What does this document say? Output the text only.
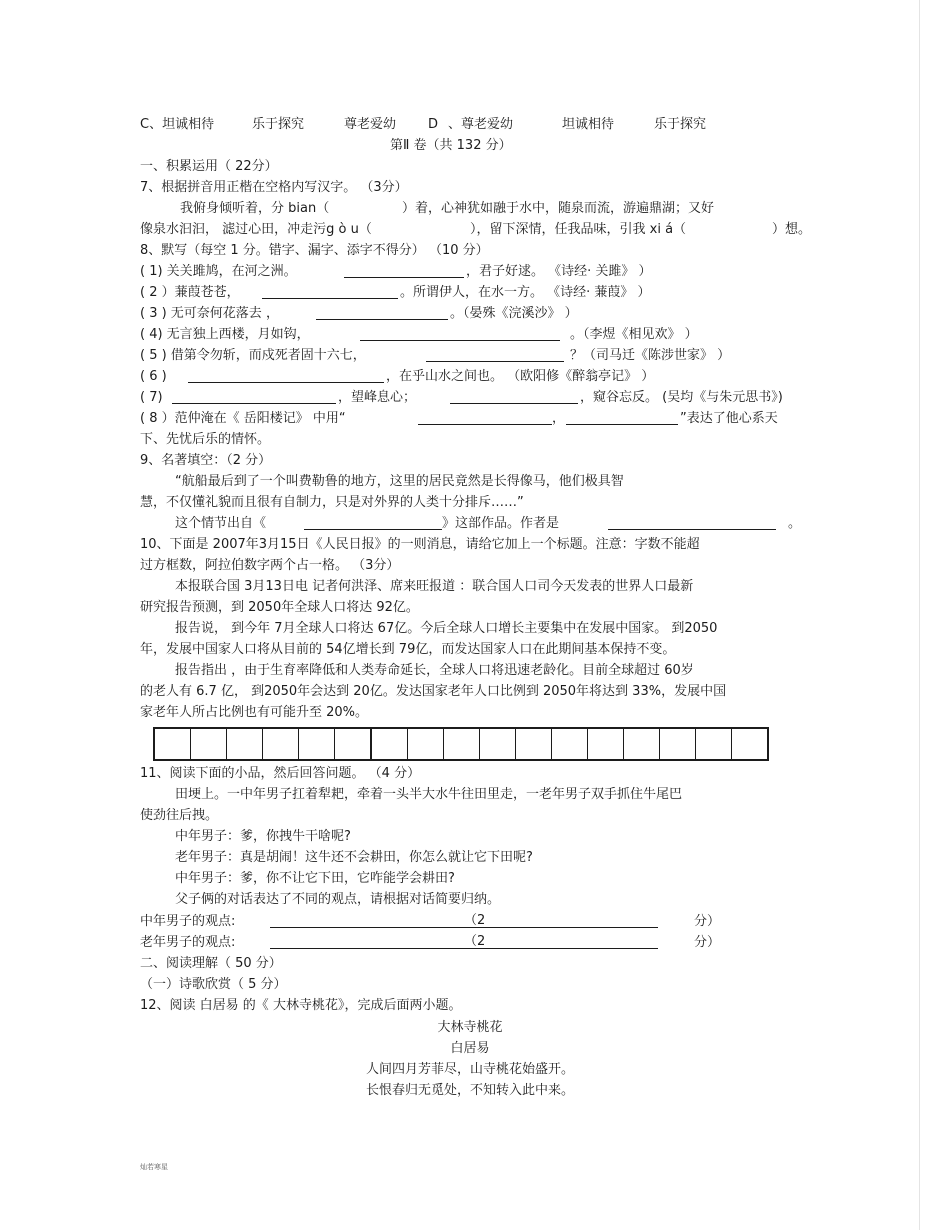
C、坦诚相待	乐于探究	尊老爱幼 D 、尊老爱幼	坦诚相待	乐于探究
第Ⅱ 卷（共 132 分）
一、积累运用（ 22分）
7、根据拼音用正楷在空格内写汉字。 （3分）
我俯身倾听着，分 bian（	）着，心神犹如融于水中，随泉而流，游遍鼎湖；又好
像泉水汩汩， 滤过心田，冲走污g ò u（	），留下深情，任我品味，引我 xi á（	）想。
8、默写（每空 1 分。错字、漏字、添字不得分） （10 分）
( 1) 关关雎鸠，在河之洲。	，君子好逑。 《诗经· 关雎》 ）
( 2 ）蒹葭苍苍，	。所谓伊人，在水一方。 《诗经· 蒹葭》 ）
( 3 ) 无可奈何花落去 ，	。（晏殊《浣溪沙》 ）
( 4) 无言独上西楼，月如钩，	。（李煜《相见欢》 ）
( 5 ) 借第令勿斩，而戍死者固十六七，	？（司马迁《陈涉世家》 ）
( 6 )	，在乎山水之间也。 （欧阳修《醉翁亭记》 ）
( 7)	，望峰息心；	，窥谷忘反。 (吴均《与朱元思书》)
( 8 ）范仲淹在《 岳阳楼记》 中用“	，	”表达了他心系天
下、先忧后乐的情怀。
9、名著填空：（2 分）
“航船最后到了一个叫费勒鲁的地方，这里的居民竟然是长得像马，他们极具智
慧，不仅懂礼貌而且很有自制力，只是对外界的人类十分排斥……”
这个情节出自《	》这部作品。作者是	。
10、下面是 2007年3月15日《人民日报》的一则消息，请给它加上一个标题。注意：字数不能超
过方框数，阿拉伯数字两个占一格。 （3分）
本报联合国 3月13日电 记者何洪泽、席来旺报道 ：联合国人口司今天发表的世界人口最新
研究报告预测，到 2050年全球人口将达 92亿。
报告说， 到今年 7月全球人口将达 67亿。今后全球人口增长主要集中在发展中国家。 到2050
年，发展中国家人口将从目前的 54亿增长到 79亿，而发达国家人口在此期间基本保持不变。
报告指出 ，由于生育率降低和人类寿命延长，全球人口将迅速老龄化。目前全球超过 60岁
的老人有 6.7 亿， 到2050年会达到 20亿。发达国家老年人口比例到 2050年将达到 33%，发展中国
家老年人所占比例也有可能升至 20%。
11、阅读下面的小品，然后回答问题。 （4 分）
田埂上。一中年男子扛着犁耙，牵着一头半大水牛往田里走，一老年男子双手抓住牛尾巴
使劲往后拽。
中年男子：爹，你拽牛干啥呢?
老年男子：真是胡闹！这牛还不会耕田，你怎么就让它下田呢?
中年男子：爹，你不让它下田，它咋能学会耕田?
父子俩的对话表达了不同的观点，请根据对话简要归纳。
中年男子的观点:	（2	分）
老年男子的观点:	（2	分）
二、阅读理解（ 50 分）
（一）诗歌欣赏（ 5 分）
12、阅读 白居易 的《 大林寺桃花》，完成后面两小题。
大林寺桃花
白居易
人间四月芳菲尽，山寺桃花始盛开。
长恨春归无觅处，不知转入此中来。
灿若寒星
